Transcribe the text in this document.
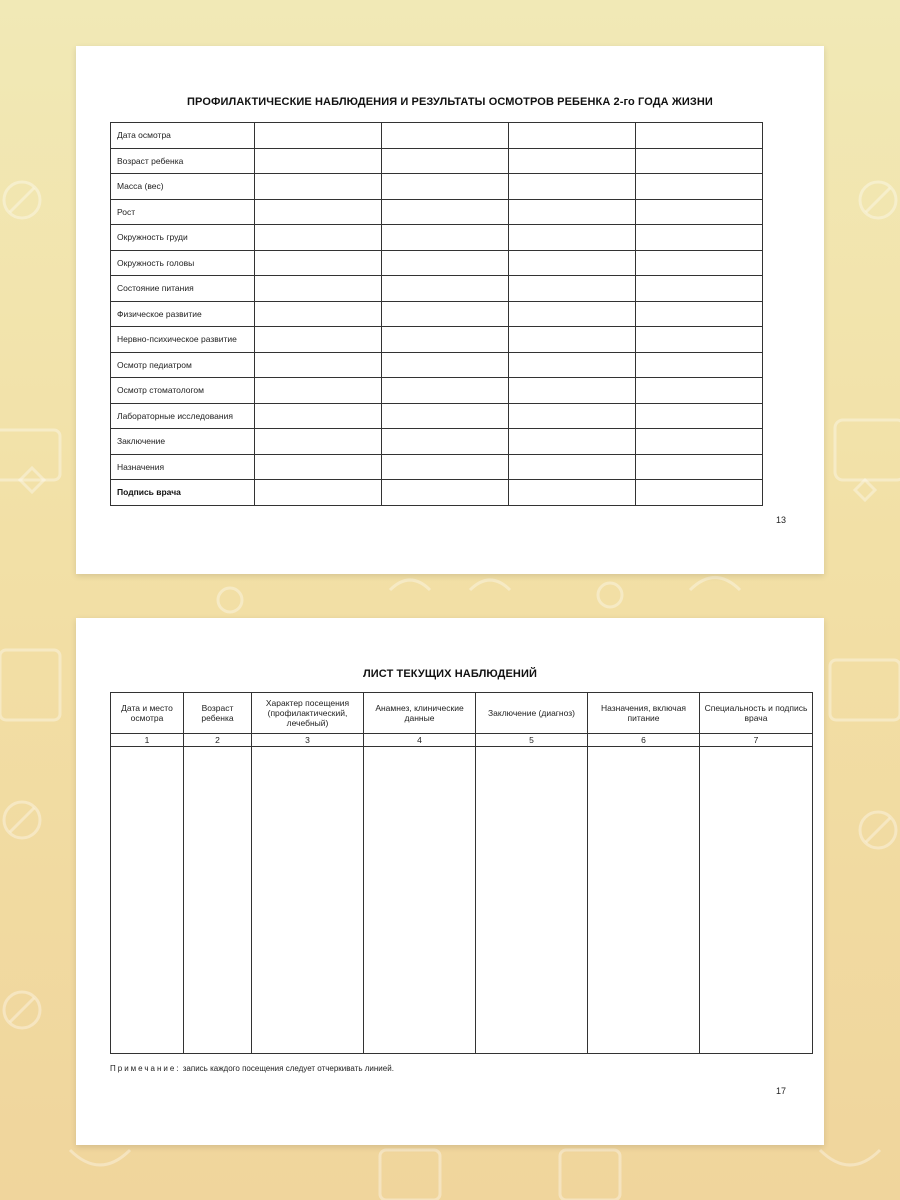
ПРОФИЛАКТИЧЕСКИЕ НАБЛЮДЕНИЯ И РЕЗУЛЬТАТЫ ОСМОТРОВ РЕБЕНКА 2-го ГОДА ЖИЗНИ
Дата осмотра				
Возраст ребенка				
Масса (вес)				
Рост				
Окружность груди				
Окружность головы				
Состояние питания				
Физическое развитие				
Нервно-психическое развитие				
Осмотр педиатром				
Осмотр стоматологом				
Лабораторные исследования				
Заключение				
Назначения				
Подпись врача				
13
ЛИСТ ТЕКУЩИХ НАБЛЮДЕНИЙ
Дата и место осмотра	Возраст ребенка	Характер посещения (профилактический, лечебный)	Анамнез, клинические данные	Заключение (диагноз)	Назначения, включая питание	Специальность и подпись врача
1	2	3	4	5	6	7

Примечание: запись каждого посещения следует отчеркивать линией.
17
